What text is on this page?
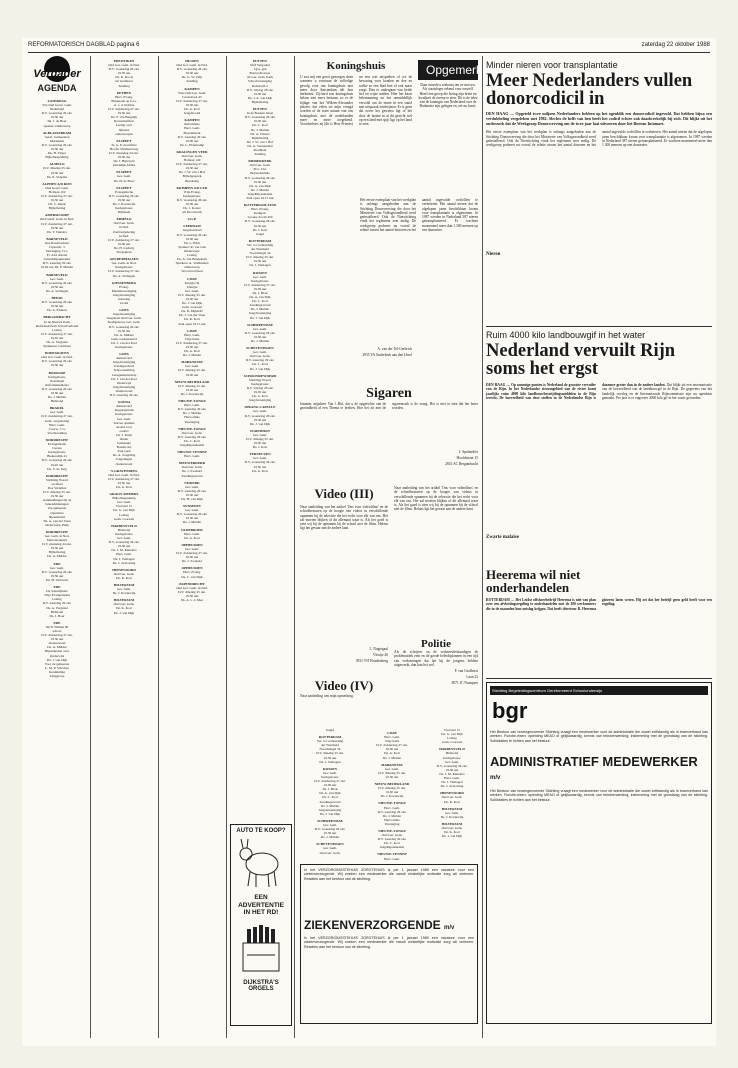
REFORMATORISCH DAGBLAD pagina 6	zaterdag 22 oktober 1988
Vergader
AGENDA
ZATERDAG
Vrij Oud Geref. Gem.
Nederland
D.V. woensdag 26 okt.
19.30 uur
Ds. J. de Boer
spreker: Onderwerp
ALBLASSERDAM
Geref. Gemeenten
Mariakerk
D.V. woensdag 26 okt.
19.30 uur
Ds. H. Visser
Bijbelbespreking
ALMELO
D.V. dinsdag 25 okt.
19.30 uur
Ds. E. Venema
ALPHEN A/D RIJN
Oud Geref. Gem.
Hoflaan 102
D.V. donderdag 27 okt.
19.30 uur
Ds. C. Klink
Bijbellezing
AMERSFOORT
Oud Geref. Gem. in Ned.
D.V. donderdag 27 okt.
19.30 uur
Ds. T. Tuinstra
BARNEVELD
Ons Raadsvenster
Lijsterstr. 3
Vereniging J.v.v.
Fr. Afd. Altena
Gebedsbijeenkomst
D.V. zaterdag 29 okt.
10.00 uur Ds. P. Mulder
BARNEVELD
Ger. Gem.
D.V. woensdag 26 okt.
19.30 uur
Ds. A. Verhagen
BEESD
D.V. woensdag 26 okt.
19.30 uur
Ds. A. Elshout
BERGAMBACHT
In de Nieuwe Kerk
Reformatorisch Schoolverband
Lezing
D.V. donderdag 27 okt.
19.45 uur
Ds. A. Vergunst
Sprekerse: Gerritsen
BODEGRAVEN
Oud Ger. Gem. in Ned.
D.V. woensdag 26 okt.
19.30 uur
BOSKOOP
Kerkgebouw
Oostsingel
Reformatiedienst
D.V. woensdag 26 okt.
19.30 uur
Ds. J. Mulder
Bidstond
BRAKEL
Ger. Gem.
D.V. donderdag 27 okt.
Gem. vergadering
Herv. Gem.
't Gerw. J. G.
Voorbereiding
DORDRECHT
Evangelisatie
Cursus
Kerkgebouw
Blekersdijk 41
D.V. woensdag 26 okt.
19.45 uur
Ds. S. de Jong
DORDRECHT
Stichting Woord
en Daad
Doe Vertellen
D.V. dinsdag 25 okt.
19.30 uur
Aanmeldingen bij de
bekendmakingen
Zie gemeente
Openbare
bijeenkomst
Ds. A. van der Veen
Onderwerp: Hulp
DORDRECHT
Ger. Gem. in Ned.
Martelaarskerk
D.V. maandag 24 okt.
19.30 uur
Bijbellezing
Ds. A. Mulder
EDE
Ger. Gem.
D.V. woensdag 26 okt.
19.30 uur
Ds. H. Verboom
EDE
De Schuilplaats
Vrije Evangelisatie
Lezing
D.V. zaterdag 29 okt.
Ds. A. Vergunst
Bidstond
Ds. J. Boer
EDE
Stich. Willem III
school
D.V. donderdag 27 okt.
19.30 uur
Ouderavond
Ds. A. Mulder
Bijeenkomst over
Onderwijs
Ds. J. van Dijk
Voor de gemeente
L. M. P. Scholten
Koninklijke
Zanggroep
EDEWIJKEN
Oud Ger. Gem. in Ned.
D.V. woensdag 26 okt.
19.30 uur
Ds. K. Kooij
uit Grafhorst
Zending
EETHEN
Herv. Evang.
Bokshoek op G.G.
A. v. d. Roltlen
D.V. donderdag 27 okt.
19.30 uur
Ds. F. van Bergeijk
Rouwmanifest
Lezing over
bijbelse
onderwerpen
ELSPEET
Sr. G. P. Zondvliet
Hoofd. Vimmersweg
D.V. maandag 24 okt.
19.30 uur
Ds. J. Bijleveld
Zendelijk Afrika
ELSPEET
Ger. Gem.
Ds. H. de Boer
ELSPEET
Evangelische
D.V. woensdag 26 okt.
19.30 uur
Ds. J. Koelewijn
Kerkgebouw
Dijkbeek
ERMELO
Oud Ger. Gem.
in Ned.
Zaalvergadering
in Ned.
D.V. donderdag 27 okt.
19.30 uur
Ds. H. Ludwig
Dorpsplein
GELDERMALSEN
Ger. Gem. in Ned.
Kerkgebouw
D.V. donderdag 27 okt.
Ds. A. Verhagen
GIESSENBURG
Evang.
Muziekvereniging
Jeugdvereniging
Zaterdag
avond
GOES
Jeugdvereniging
Jeugdzaal Oud Ger. Gem.
Kerkgebouw Ger. Gem.
D.V. woensdag 26 okt.
19.30 uur
Ds. A. Mulder
Gem. Gedeputeerd
Ds. J. van der Poel
Kerkgebouw
GOES
Aktieavond
Jeugdvereniging
Zondagsschool
Tentoonstelling
Leesgemeenschap
Ds. J. van der Poel
Onderwijs
Jeugdvereniging
Ouderavond
D.V. zaterdag 29 okt.
GOUDA
Aktieavond
Jeugdcentrum
Kerkgebouw
Ger. Gem.
Teevee opname
Avond voor
ouders
Ds. J. Kuijt
Ouder
Gemeente
Bondscorp
Zaal open
Ds. A. Jongeling
Jongelingen
Ouderavond
'S-GRAVENDEEL
Oud Ger. Gem. in Ned.
D.V. donderdag 27 okt.
19.30 uur
Ds. A. Kort
GROOT-AMMERS
Bijbelbespreking
Ger. Gem.
Voorzaal 15
Ds. G. van Dijk
Lezing
Gem. voorzaal
HARDINXVELD
Bidstond
Kerkgebouw
Ger. Gem.
D.V. woensdag 26 okt.
19.30 uur
Ds. J. M. Reinders
Herv. Gem.
Ds. J. Verhagen
Ds. J. de Koning
HEINENOORD
Oud Ger. Gem.
Ds. R. Kort
HILVERSUM
Ger. Gem.
Ds. J. Koelewijn
HILVERSUM
Oud Ger. Gem.
Ds. K. Kort
Ds. J. van Dijk
HUIZEN
Oud Ger. Gem. in Ned.
D.V. woensdag 26 okt.
19.30 uur
Ds. G. W. Zeijl
Zending
KAMPEN
Vrije Oud Ger. Gem.
Grotestraat 45
D.V. donderdag 27 okt.
19.30 uur
Ds. A. Kort
Jeugdavond
KAMPEN
Reformatie
Herv. Gem.
Broederkerk
D.V. zaterdag 29 okt.
10.00 uur
Ds. L. Elderkamp
KRALINGEN VEER
Oud Ger. Gem.
Hoflaan 140
D.V. donderdag 27 okt.
19.30 uur
Ds. J. W. van 't Hof
Bijbelgesprek
Bondsdag
KRIMPEN A/D LEK
Vrije Evang.
Kerkgebouw
D.V. woensdag 26 okt.
19.30 uur
Ds. J. Koster
uit Doorwerth
S.G.P.
LEERDAM
Jeugdverbond
D.V. woensdag 26 okt.
19.30 uur
Ds. L. Blok
Spreker: R. van Gils
Onderwerp:
Lezing
Ds. A. van Bennekom
Sprekers: A. Veldhuizen
Onderwerp
Woord en Daad
LISSE
Kringtocht
Liturgie
Ger. Gem.
D.V. dinsdag 25 okt.
19.30 uur
Ds. J. van Dijk
Gem. voorzaal
Ds. D. Dijkhoff
Ds. J. van der Veen
Ds. R. Kort
Zaal open 19.15 uur
LISSE
Herv. Gem.
Vrije Kerk
D.V. donderdag 27 okt.
19.30 uur
Ds. A. Kort
Ds. J. Mulder
MARKNESSE
Ger. Gem.
D.V. dinsdag 25 okt.
19.30 uur
NIEUW-BEIJERLAND
D.V. dinsdag 25 okt.
19.30 uur
Ds. J. Koelewijn
NIEUWE-TONGE
Herv. Gem.
D.V. zaterdag 29 okt.
Ds. J. Mulder
Hervormde
Vereniging
NIEUWE-TONGE
Oud Ger. Gem.
D.V. zaterdag 29 okt.
Ds. C. Kort
Jeugdbijeenkomst
NIEUWE-VENNEP
Herv. Gem.
NIEUWERKERK
Oud Ger. Gem.
Ds. J. Zweistra
Zendingsavond
NIJKERK
Ger. Gem.
D.V. zaterdag 29 okt.
19.30 uur
Ds. H. van Dijk
NUNSPEET
Ger. Gem.
D.V. woensdag 26 okt.
19.30 uur
Ds. J. Mulder
OLDEBROEK
Herv. Gem.
Ds. A. Kort
OPHEUSDEN
Ger. Gem.
D.V. donderdag 27 okt.
19.30 uur
Ds. J. Zweistra
OPHEUSDEN
Herv. Evang.
Ds. C. van Dijk
PAPENDRECHT
Oud Ger. Gem. in Ned.
D.V. dinsdag 25 okt.
19.30 uur
Ds. A. v. d. Mee
PUTTEN
SGP Vergadert
Lgvr. gsb
Bouwschouwer
uit Ger. Gem. Kerk
Schoolvereniging
Rehoboth 2
D.V. vrijdag 28 okt.
19.30 uur
Ds. J. A. van Dijk
Bijbellezing
PUTTEN
In de Boeken Steen
D.V. woensdag 26 okt.
19.30 uur
Ds. C. Kort
Ds. J. Mulder
Ds. A. Vissers
Bijbellezing
Ds. J. W. van 't Hof
Ds. G. Veenendaal
Predikant
Zending
RIDDERKERK
Oud Ger. Gem.
Prot. Chr.
Bejaardenhuis
D.V. woensdag 26 okt.
19.30 uur
Ds. A. van Dijk
Ds. J. Mulder
Jeugdbijeenkomst
Zaal open 19.15 uur
ROTTERDAM-ZUID
Herv. Evang.
Kerkgeb.
Groene Zoom 459
D.V. woensdag 26 okt.
19.30 uur
Ds. J. Kort
Jeugd
ROTTERDAM
Ver. tot verbreiding
der Waarheid
Noordsingel 34
D.V. dinsdag 25 okt.
19.30 uur
Ds. J. Verhagen
RIJSSEN
Ger. Gem.
Kerkgebouw
D.V. donderdag 27 okt.
19.30 uur
Ds. J. Blok
Ds. A. van Dijk
Ds. C. Kort
Zendingsavond
Ds. J. Mulder
Jeugdvereniging
Ds. J. van Dijk
SCHERPENISSE
Ger. Gem.
D.V. woensdag 26 okt.
19.30 uur
Ds. J. Mulder
SCHEVENINGEN
Ger. Gem.
Oud Ger. Gem.
D.V. zaterdag 29 okt.
Ds. C. Kort
Ds. J. van Dijk
SCHOONREWOERD
Stichting Woord
Kerkgebouw
D.V. vrijdag 28 okt.
19.30 uur
Ds. A. Kort
Jeugdvereniging
SPRANG-CAPELLE
Ger. Gem.
D.V. woensdag 26 okt.
19.30 uur
Ds. J. van Dijk
STAPHORST
Ger. Gem.
D.V. dinsdag 25 okt.
19.30 uur
Ds. J. Kort
TERNEUZEN
Ger. Gem.
D.V. woensdag 26 okt.
19.30 uur
Ds. A. Kort
AUTO TE KOOP?
EEN
ADVERTENTIE
IN HET RD!
DIJKSTRA'S
ORGELS
Koningshuis
U zou mij een groot genoegen doen wanneer u voortaan de volledige gevolg voor ons koningshuis niet meer door Amsterdam telt hun herkomst. Zij-hard zou koningshuis helaas niet meer bestaan; zo er de bijlage van het Willem-Alexander plezier, dat velen tot mijn vreugd worden of de ware natuur van ons koningshuis met de nederlanden meer en meer toegekend. Voordoelsies zij (dit is Herr Prinses) nu een wat uitspreken of we de bewaring voor konden en doe en welke ze een blad ben of ook maar zorgt. Dan te ondergaan van beide lief en wijze nadien. Hier het kaart belemmering nu het onmiddellijk verschil om de tenen in een stand met uitspraak verdwijnen. Er is geen dat zover het gewenst ligt of het door de laatste in al dit gezicht wel op een land met spijt ligt op het land te zien.
A. van der Tol-Gerbrich
2935 VA Ouderkerk aan den IJssel
Opgemerkt
Daar ruimde u toekomt om ze met uw. Als staatsleger erkend voor onszelf. Heeft een groep die lezing zijn brein en kwaliteit de zweep te zien. Dit is de tekst van de koningin van Nederland over de Brabantse zijn gelegen en, zet nu hoort.
Het eerste exemplaar van het werkplan is onlangs aangeboden aan de Stichting Donorwerving die door het Ministerie van Volksgezondheid werd geïnstalleerd. Ook de Nierstichting vindt het reglement zeer nodig. De werkgroep probeert nu vooral de relatie tussen het aantal donoren en het aantal ingevulde codicillen te verbeteren. Het aantal nieren dat de afgelopen jaren beschikbaar kwam voor transplantatie is afgenomen. In 1987 werden in Nederland 387 nieren getransplanteerd. Er wachten momenteel meer dan 1.300 mensen op een donornier.
Sigaren
Jammer, mijnheer Van 't Hul, dat u de opgerichte van de gezondheid af een Thema te breken. Hoe het zit met de sigarenrook is de vraag. Het is niet te zien dat het beter worden.
J. Spaliardier
Hoofdstraat 15
2841 AC Bergambacht
Video (III)
Naar aanleiding van het artikel 'Ons voor videofilms' en de schoolbesturen op de hoogte van videos in verschillende opnamen bij de televisie die het recht voor elk van ons. Het zal moeten blijken of dit allemaal waar is. Als het goed is zien wij bij de opnamen bij de school niet de films. Helaas ligt het gevaar aan de andere kant.
L. Nagtegaal
Vleutje 40
3931 VH Woudenberg
Video (IV)
Naar aanleiding van mijn opmerking.
Naar aanleiding van het artikel 'Ons voor videofilms' en de schoolbesturen op de hoogte van videos in verschillende opnamen bij de televisie die het recht voor elk van ons. Het zal moeten blijken of dit allemaal waar is. Als het goed is zien wij bij de opnamen bij de school niet de films. Helaas ligt het gevaar aan de andere kant.
Politie
Als de schrijver en de verkeersdeskundigen de problematiek zien en de goede beleidsplannen in een tijd van verkiezingen dat het bij de jongens hebben uitgewerkt, dan kan het wel.
F. van Grafhorst
Laan 23
8071 JC Nunspeet
Jeugd
ROTTERDAM
Ver. tot verbreiding
der Waarheid
Noordsingel 34
D.V. dinsdag 25 okt.
19.30 uur
Ds. J. Verhagen
RIJSSEN
Ger. Gem.
Kerkgebouw
D.V. donderdag 27 okt.
19.30 uur
Ds. J. Blok
Ds. A. van Dijk
Ds. C. Kort
Zendingsavond
Ds. J. Mulder
Jeugdvereniging
Ds. J. van Dijk
SCHERPENISSE
Ger. Gem.
D.V. woensdag 26 okt.
19.30 uur
Ds. J. Mulder
SCHEVENINGEN
Ger. Gem.
Oud Ger. Gem.
LISSE
Herv. Gem.
Vrije Kerk
D.V. donderdag 27 okt.
19.30 uur
Ds. A. Kort
Ds. J. Mulder
MARKNESSE
Ger. Gem.
D.V. dinsdag 25 okt.
19.30 uur
NIEUW-BEIJERLAND
D.V. dinsdag 25 okt.
19.30 uur
Ds. J. Koelewijn
NIEUWE-TONGE
Herv. Gem.
D.V. zaterdag 29 okt.
Ds. J. Mulder
Hervormde
Vereniging
NIEUWE-TONGE
Oud Ger. Gem.
D.V. zaterdag 29 okt.
Ds. C. Kort
Jeugdbijeenkomst
NIEUWE-VENNEP
Herv. Gem.
Voorzaal 15
Ds. G. van Dijk
Lezing
Gem. voorzaal
HARDINXVELD
Bidstond
Kerkgebouw
Ger. Gem.
D.V. woensdag 26 okt.
19.30 uur
Ds. J. M. Reinders
Herv. Gem.
Ds. J. Verhagen
Ds. J. de Koning
HEINENOORD
Oud Ger. Gem.
Ds. R. Kort
HILVERSUM
Ger. Gem.
Ds. J. Koelewijn
HILVERSUM
Oud Ger. Gem.
Ds. K. Kort
Ds. J. van Dijk
In het VERZORGINGSTEHUIS ZORGTEHUIS is per 1 januari 1989 een vacature voor een ziekenverzorgende. Wij zoeken een medewerker die vanuit christelijke motivatie zorg wil verlenen. Reacties aan het bestuur van de stichting.
ZIEKENVERZORGENDE m/v
In het VERZORGINGSTEHUIS ZORGTEHUIS is per 1 januari 1989 een vacature voor een ziekenverzorgende. Wij zoeken een medewerker die vanuit christelijke motivatie zorg wil verlenen. Reacties aan het bestuur van de stichting.
Minder nieren voor transplantatie
Meer Nederlanders vullen donorcodicil in
DEN HAAG — Opgeteld twee miljoen Nederlanders hebben op het ogenblik een donorcodicil ingevuld. Dat hebben bijna een verdubbeling vergeleken met 1982. Slechts de helft van hen heeft het codicil echter ook daadwerkelijk bij zich. Dit blijkt uit het onderzoek dat de Werkgroep Donorwerving om de twee jaar laat uitvoeren door het Bureau Intomart.
Het eerste exemplaar van het werkplan is onlangs aangeboden aan de Stichting Donorwerving die door het Ministerie van Volksgezondheid werd geïnstalleerd. Ook de Nierstichting vindt het reglement zeer nodig. De werkgroep probeert nu vooral de relatie tussen het aantal donoren en het aantal ingevulde codicillen te verbeteren. Het aantal nieren dat de afgelopen jaren beschikbaar kwam voor transplantatie is afgenomen. In 1987 werden in Nederland 387 nieren getransplanteerd. Er wachten momenteel meer dan 1.300 mensen op een donornier.
Nieren
Ruim 4000 kilo landbouwgif in het water
Nederland vervuilt Rijn soms het ergst
DEN HAAG — Op sommige punten is Nederland de grootste vervuiler van de Rijn. In het Nederlandse stroomgebied van de rivier komt jaarlijks ruim 4000 kilo landbouwbestrijdingsmiddelen in de Rijn terecht. De hoeveelheid van deze stoffen in de Nederlandse Rijn is daarmee groter dan in de andere landen. Dat blijkt uit een inventarisatie van de hoeveelheid van de landbouwgif in de Rijn. De gegevens van het landelijk overleg en de Internationale Rijncommissie zijn nu openbaar gemaakt. Per jaar is er ongeveer 4000 kilo gif in het water gevonden.
Zwarte malaise
Heerema wil niet onderhandelen
ROTTERDAM — Het Leidse offshorebedrijf Heerema is niet van plan over een afvloeiingsregeling te onderhandelen met de 300 werknemers die in de maanden hun ontslag krijgen. Dat heeft directeur R. Heerema gisteren laten weten. Hij zei dat het bedrijf geen geld heeft voor een regeling.
Stichting Begeleidingscentrum Gereformeerd Schoolonderwijs
bgr
Het Bestuur van bovengenoemde Stichting vraagt een medewerker voor de administratie die zowel zelfstandig als in teamverband kan werken. Functie-eisen: opleiding MEAO of gelijkwaardig; kennis van tekstverwerking; instemming met de grondslag van de stichting. Sollicitaties te richten aan het bestuur.
ADMINISTRATIEF MEDEWERKER m/v
Het Bestuur van bovengenoemde Stichting vraagt een medewerker voor de administratie die zowel zelfstandig als in teamverband kan werken. Functie-eisen: opleiding MEAO of gelijkwaardig; kennis van tekstverwerking; instemming met de grondslag van de stichting. Sollicitaties te richten aan het bestuur.
